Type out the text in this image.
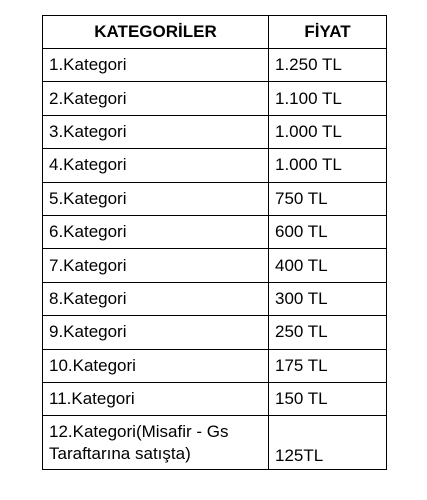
KATEGORİLER	FİYAT
1.Kategori	1.250 TL
2.Kategori	1.100 TL
3.Kategori	1.000 TL
4.Kategori	1.000 TL
5.Kategori	750 TL
6.Kategori	600 TL
7.Kategori	400 TL
8.Kategori	300 TL
9.Kategori	250 TL
10.Kategori	175 TL
11.Kategori	150 TL
12.Kategori(Misafir - Gs Taraftarına satışta)	125TL
